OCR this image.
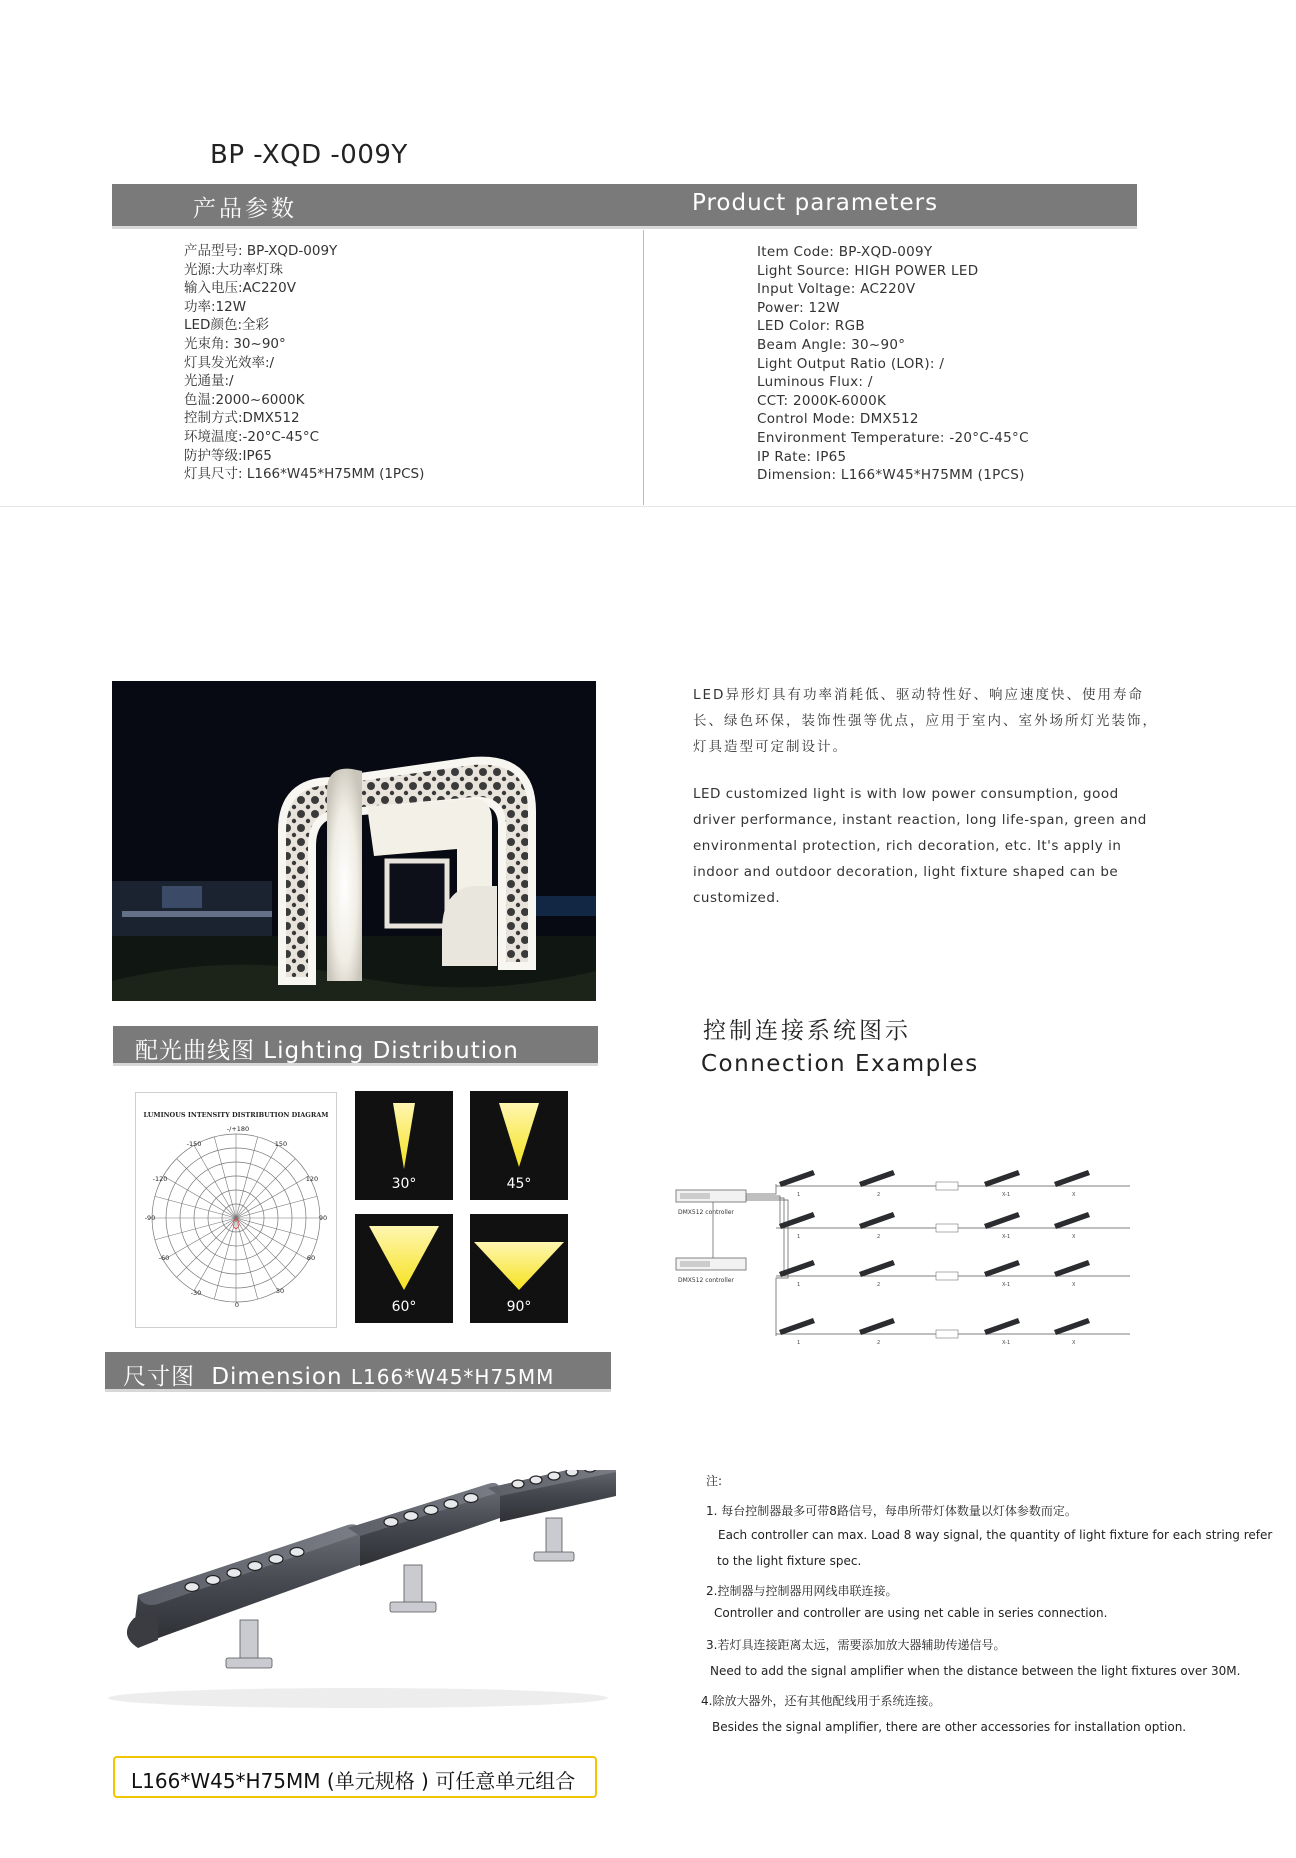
BP -XQD -009Y
产品参数	Product parameters
产品型号: BP-XQD-009Y
光源:大功率灯珠
输入电压:AC220V
功率:12W
LED颜色:全彩
光束角: 30~90°
灯具发光效率:/
光通量:/
色温:2000~6000K
控制方式:DMX512
环境温度:-20°C-45°C
防护等级:IP65
灯具尺寸: L166*W45*H75MM (1PCS)
Item Code: BP-XQD-009Y
Light Source: HIGH POWER LED
Input Voltage: AC220V
Power: 12W
LED Color: RGB
Beam Angle: 30~90°
Light Output Ratio (LOR): /
Luminous Flux: /
CCT: 2000K-6000K
Control Mode: DMX512
Environment Temperature: -20°C-45°C
IP Rate: IP65
Dimension: L166*W45*H75MM (1PCS)

LED异形灯具有功率消耗低、驱动特性好、响应速度快、使用寿命长、绿色环保，装饰性强等优点，应用于室内、室外场所灯光装饰，灯具造型可定制设计。

LED customized light is with low power consumption, good driver performance, instant reaction, long life-span, green and environmental protection, rich decoration, etc. It's apply in indoor and outdoor decoration, light fixture shaped can be customized.

配光曲线图 Lighting Distribution
控制连接系统图示
Connection Examples
LUMINOUS INTENSITY DISTRIBUTION DIAGRAM
-/+180
-150	150
-120	120
-90	90
-60	60
-30	30
0
30°	45°
60°	90°
DMX512 controller
DMX512 controller
1	2	X-1	X
1	2	X-1	X
1	2	X-1	X
1	2	X-1	X
尺寸图 Dimension L166*W45*H75MM
注:
1. 每台控制器最多可带8路信号，每串所带灯体数量以灯体参数而定。
Each controller can max. Load 8 way signal, the quantity of light fixture for each string refer
to the light fixture spec.
2.控制器与控制器用网线串联连接。
Controller and controller are using net cable in series connection.
3.若灯具连接距离太远，需要添加放大器辅助传递信号。
Need to add the signal amplifier when the distance between the light fixtures over 30M.
4.除放大器外，还有其他配线用于系统连接。
Besides the signal amplifier, there are other accessories for installation option.
L166*W45*H75MM (单元规格 ) 可任意单元组合
